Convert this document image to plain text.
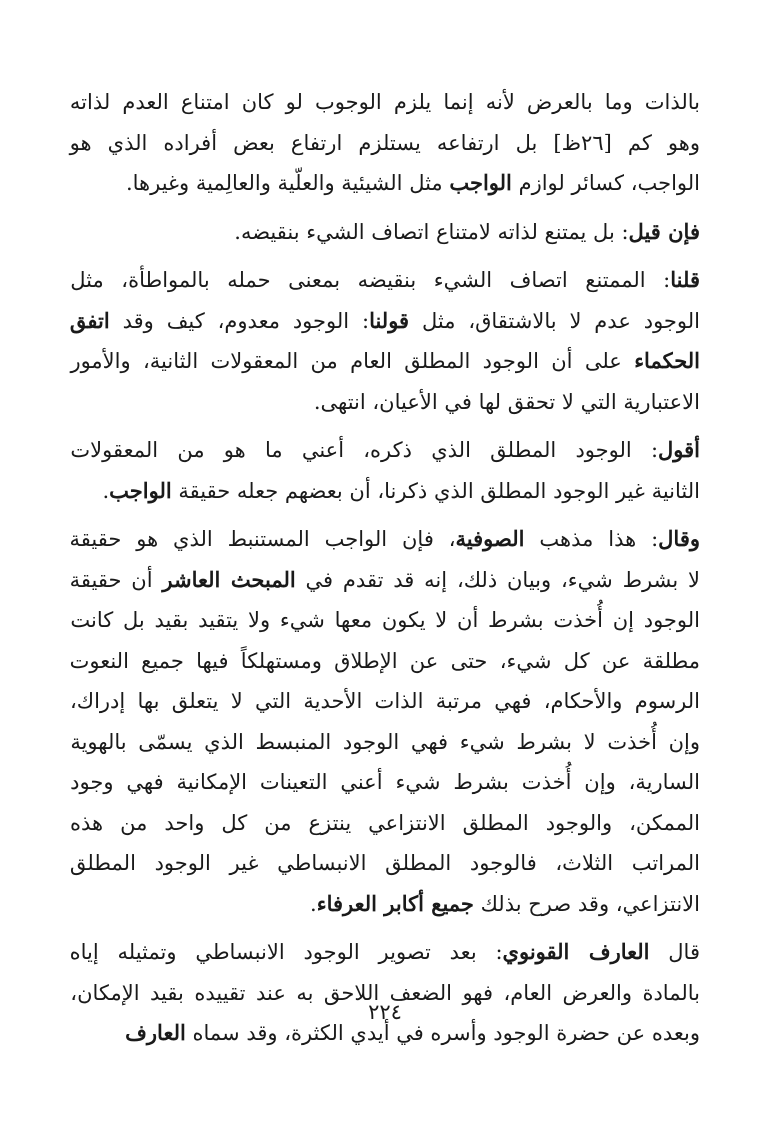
بالذات وما بالعرض لأنه إنما يلزم الوجوب لو كان امتناع العدم لذاته
وهو كم [٢٦ظ] بل ارتفاعه يستلزم ارتفاع بعض أفراده الذي هو
الواجب، كسائر لوازم الواجب مثل الشيئية والعلّية والعالِمية وغيرها.
فإن قيل: بل يمتنع لذاته لامتناع اتصاف الشيء بنقيضه.
قلنا: الممتنع اتصاف الشيء بنقيضه بمعنى حمله بالمواطأة، مثل
الوجود عدم لا بالاشتقاق، مثل قولنا: الوجود معدوم، كيف وقد اتفق
الحكماء على أن الوجود المطلق العام من المعقولات الثانية، والأمور
الاعتبارية التي لا تحقق لها في الأعيان، انتهى.
أقول: الوجود المطلق الذي ذكره، أعني ما هو من المعقولات
الثانية غير الوجود المطلق الذي ذكرنا، أن بعضهم جعله حقيقة الواجب.
وقال: هذا مذهب الصوفية، فإن الواجب المستنبط الذي هو حقيقة
لا بشرط شيء، وبيان ذلك، إنه قد تقدم في المبحث العاشر أن حقيقة
الوجود إن أُخذت بشرط أن لا يكون معها شيء ولا يتقيد بقيد بل كانت
مطلقة عن كل شيء، حتى عن الإطلاق ومستهلكاً فيها جميع النعوت
الرسوم والأحكام، فهي مرتبة الذات الأحدية التي لا يتعلق بها إدراك،
وإن أُخذت لا بشرط شيء فهي الوجود المنبسط الذي يسمّى بالهوية
السارية، وإن أُخذت بشرط شيء أعني التعينات الإمكانية فهي وجود
الممكن، والوجود المطلق الانتزاعي ينتزع من كل واحد من هذه
المراتب الثلاث، فالوجود المطلق الانبساطي غير الوجود المطلق
الانتزاعي، وقد صرح بذلك جميع أكابر العرفاء.
قال العارف القونوي: بعد تصوير الوجود الانبساطي وتمثيله إياه
بالمادة والعرض العام، فهو الضعف اللاحق به عند تقييده بقيد الإمكان،
وبعده عن حضرة الوجود وأسره في أيدي الكثرة، وقد سماه العارف
٢٢٤
